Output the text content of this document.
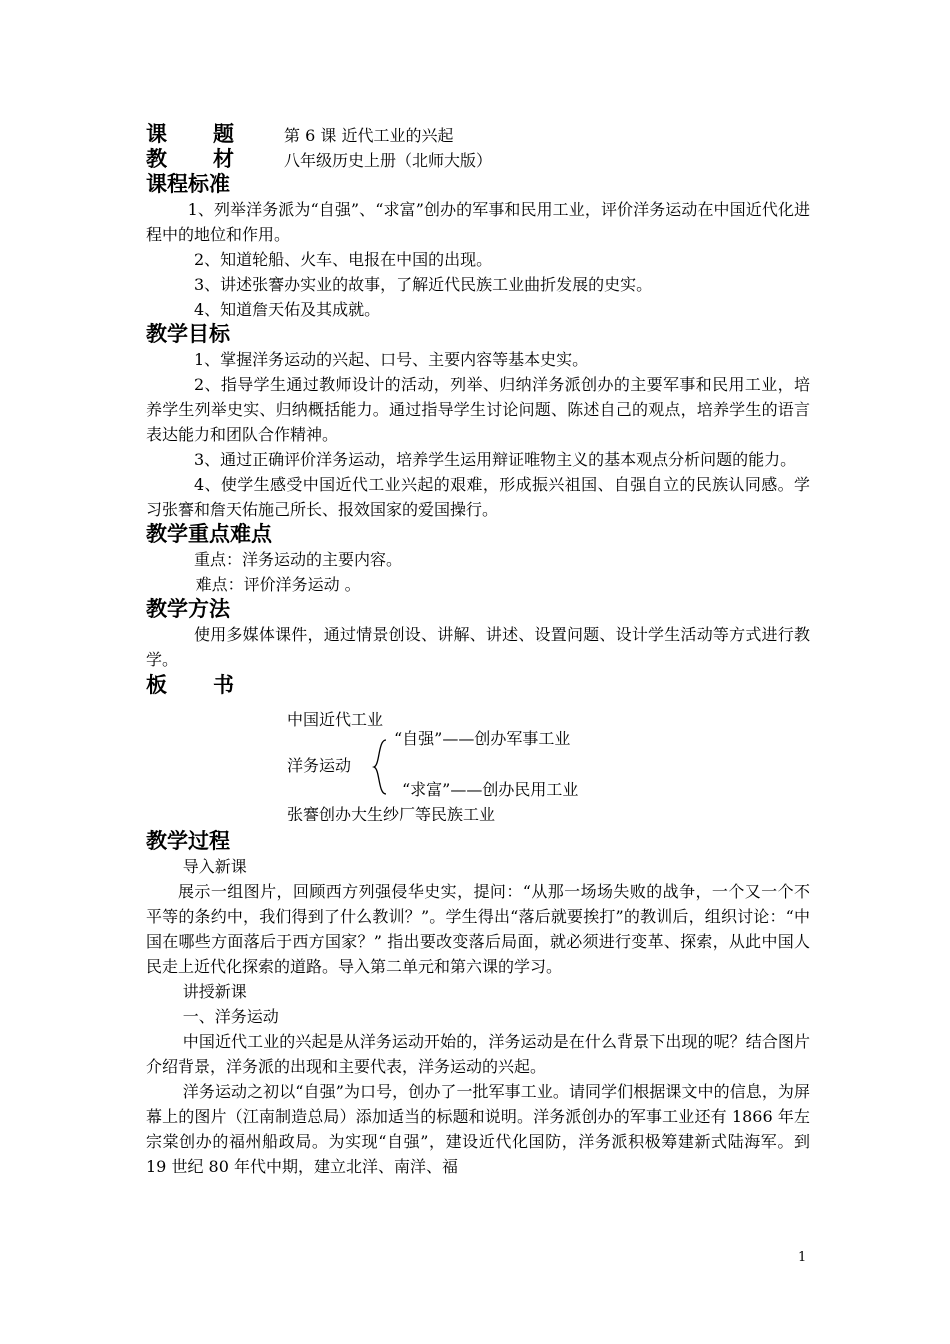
课 题	第 6 课 近代工业的兴起
教 材	八年级历史上册（北师大版）
课程标准

1、列举洋务派为“自强”、“求富”创办的军事和民用工业，评价洋务运动在中国近代化进程中的地位和作用。

2、知道轮船、火车、电报在中国的出现。

3、讲述张謇办实业的故事，了解近代民族工业曲折发展的史实。

4、知道詹天佑及其成就。

教学目标

1、掌握洋务运动的兴起、口号、主要内容等基本史实。

2、指导学生通过教师设计的活动，列举、归纳洋务派创办的主要军事和民用工业，培养学生列举史实、归纳概括能力。通过指导学生讨论问题、陈述自己的观点，培养学生的语言表达能力和团队合作精神。

3、通过正确评价洋务运动，培养学生运用辩证唯物主义的基本观点分析问题的能力。

4、使学生感受中国近代工业兴起的艰难，形成振兴祖国、自强自立的民族认同感。学习张謇和詹天佑施己所长、报效国家的爱国操行。

教学重点难点

重点：洋务运动的主要内容。

难点：评价洋务运动 。

教学方法

使用多媒体课件，通过情景创设、讲解、讲述、设置问题、设计学生活动等方式进行教学。

板 书
中国近代工业
“自强”——创办军事工业
洋务运动
“求富”——创办民用工业
张謇创办大生纱厂等民族工业
教学过程

导入新课

展示一组图片，回顾西方列强侵华史实，提问：“从那一场场失败的战争，一个又一个不平等的条约中，我们得到了什么教训？”。学生得出“落后就要挨打”的教训后，组织讨论：“中国在哪些方面落后于西方国家？” 指出要改变落后局面，就必须进行变革、探索，从此中国人民走上近代化探索的道路。导入第二单元和第六课的学习。

讲授新课

一、洋务运动

中国近代工业的兴起是从洋务运动开始的，洋务运动是在什么背景下出现的呢？结合图片介绍背景，洋务派的出现和主要代表，洋务运动的兴起。

洋务运动之初以“自强”为口号，创办了一批军事工业。请同学们根据课文中的信息，为屏幕上的图片（江南制造总局）添加适当的标题和说明。洋务派创办的军事工业还有 1866 年左宗棠创办的福州船政局。为实现“自强”，建设近代化国防，洋务派积极筹建新式陆海军。到 19 世纪 80 年代中期，建立北洋、南洋、福

1
